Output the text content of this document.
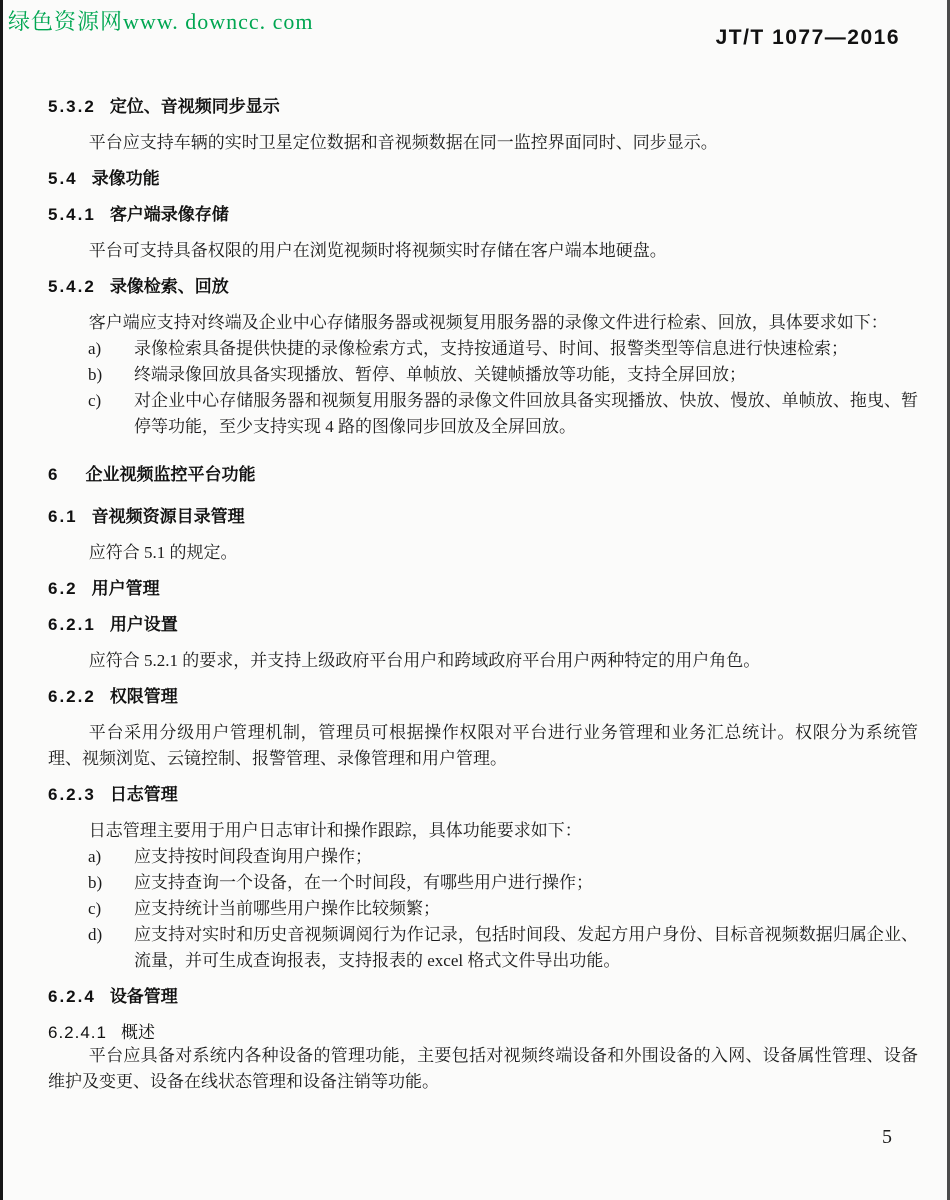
绿色资源网www. downcc. com
JT/T 1077—2016
5.3.2 定位、音视频同步显示
平台应支持车辆的实时卫星定位数据和音视频数据在同一监控界面同时、同步显示。
5.4 录像功能
5.4.1 客户端录像存储
平台可支持具备权限的用户在浏览视频时将视频实时存储在客户端本地硬盘。
5.4.2 录像检索、回放
客户端应支持对终端及企业中心存储服务器或视频复用服务器的录像文件进行检索、回放，具体要求如下：
a)	录像检索具备提供快捷的录像检索方式，支持按通道号、时间、报警类型等信息进行快速检索；
b)	终端录像回放具备实现播放、暂停、单帧放、关键帧播放等功能，支持全屏回放；
c)	对企业中心存储服务器和视频复用服务器的录像文件回放具备实现播放、快放、慢放、单帧放、拖曳、暂停等功能，至少支持实现 4 路的图像同步回放及全屏回放。
6 企业视频监控平台功能
6.1 音视频资源目录管理
应符合 5.1 的规定。
6.2 用户管理
6.2.1 用户设置
应符合 5.2.1 的要求，并支持上级政府平台用户和跨域政府平台用户两种特定的用户角色。
6.2.2 权限管理
平台采用分级用户管理机制，管理员可根据操作权限对平台进行业务管理和业务汇总统计。权限分为系统管理、视频浏览、云镜控制、报警管理、录像管理和用户管理。
6.2.3 日志管理
日志管理主要用于用户日志审计和操作跟踪，具体功能要求如下：
a)	应支持按时间段查询用户操作；
b)	应支持查询一个设备，在一个时间段，有哪些用户进行操作；
c)	应支持统计当前哪些用户操作比较频繁；
d)	应支持对实时和历史音视频调阅行为作记录，包括时间段、发起方用户身份、目标音视频数据归属企业、流量，并可生成查询报表，支持报表的 excel 格式文件导出功能。
6.2.4 设备管理
6.2.4.1 概述
平台应具备对系统内各种设备的管理功能，主要包括对视频终端设备和外围设备的入网、设备属性管理、设备维护及变更、设备在线状态管理和设备注销等功能。
5
